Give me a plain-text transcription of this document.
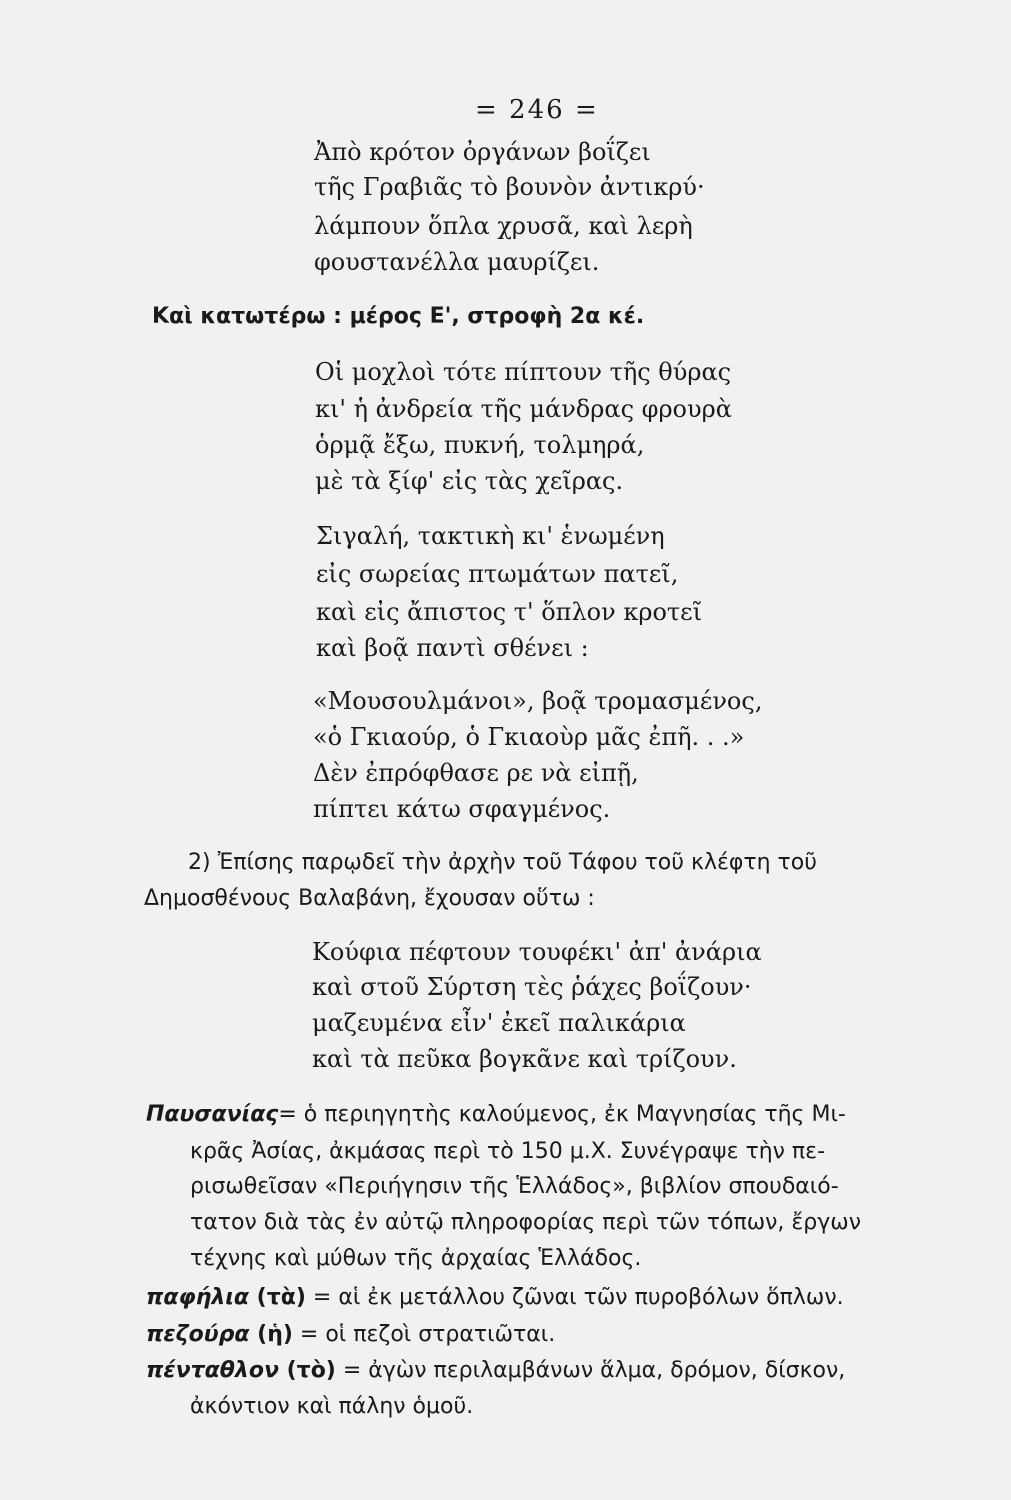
= 246 =
Ἀπὸ κρότον ὀργάνων βοΐζει
τῆς Γραβιᾶς τὸ βουνὸν ἀντικρύ·
λάμπουν ὅπλα χρυσᾶ, καὶ λερὴ
φουστανέλλα μαυρίζει.
Καὶ κατωτέρω : μέρος Ε', στροφὴ 2α κέ.
Οἱ μοχλοὶ τότε πίπτουν τῆς θύρας
κι' ἡ ἀνδρεία τῆς μάνδρας φρουρὰ
ὁρμᾷ ἔξω, πυκνή, τολμηρά,
μὲ τὰ ξίφ' εἰς τὰς χεῖρας.
Σιγαλή, τακτικὴ κι' ἑνωμένη
εἰς σωρείας πτωμάτων πατεῖ,
καὶ εἰς ἄπιστος τ' ὅπλον κροτεῖ
καὶ βοᾷ παντὶ σθένει :
«Μουσουλμάνοι», βοᾷ τρομασμένος,
«ὁ Γκιαούρ, ὁ Γκιαοὺρ μᾶς ἐπῆ. . .»
Δὲν ἐπρόφθασε ρε νὰ εἰπῇ,
πίπτει κάτω σφαγμένος.
2) Ἐπίσης παρῳδεῖ τὴν ἀρχὴν τοῦ Τάφου τοῦ κλέφτη τοῦ
Δημοσθένους Βαλαβάνη, ἔχουσαν οὕτω :
Κούφια πέφτουν τουφέκι' ἀπ' ἀνάρια
καὶ στοῦ Σύρτση τὲς ῥάχες βοΐζουν·
μαζευμένα εἶν' ἐκεῖ παλικάρια
καὶ τὰ πεῦκα βογκᾶνε καὶ τρίζουν.
Παυσανίας= ὁ περιηγητὴς καλούμενος, ἐκ Μαγνησίας τῆς Μι-
κρᾶς Ἀσίας, ἀκμάσας περὶ τὸ 150 μ.Χ. Συνέγραψε τὴν πε-
ρισωθεῖσαν «Περιήγησιν τῆς Ἑλλάδος», βιβλίον σπουδαιό-
τατον διὰ τὰς ἐν αὐτῷ πληροφορίας περὶ τῶν τόπων, ἔργων
τέχνης καὶ μύθων τῆς ἀρχαίας Ἑλλάδος.
παφήλια (τὰ) = αἱ ἐκ μετάλλου ζῶναι τῶν πυροβόλων ὅπλων.
πεζούρα (ἡ) = οἱ πεζοὶ στρατιῶται.
πένταθλον (τὸ) = ἀγὼν περιλαμβάνων ἅλμα, δρόμον, δίσκον,
ἀκόντιον καὶ πάλην ὁμοῦ.
